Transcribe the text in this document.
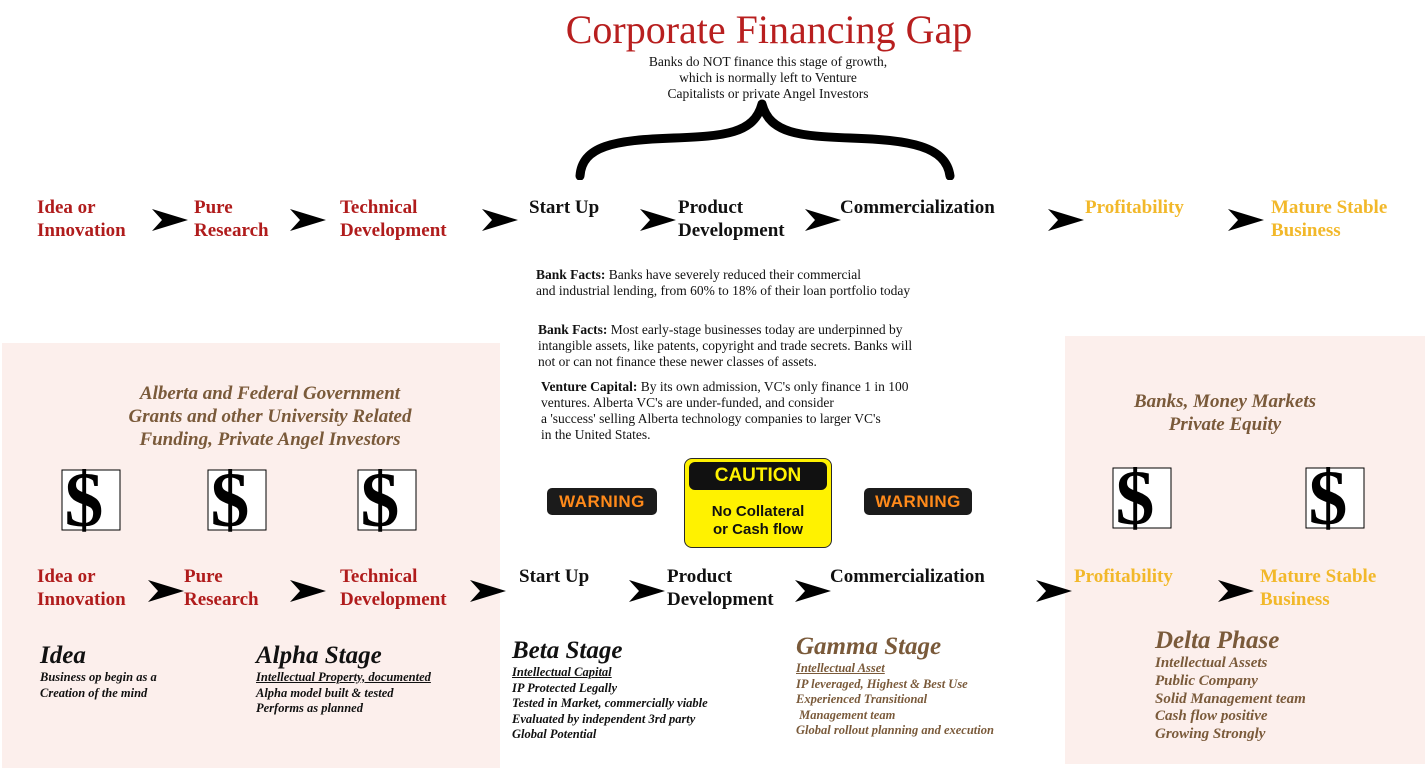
Corporate Financing Gap
Banks do NOT finance this stage of growth,
which is normally left to Venture
Capitalists or private Angel Investors
Idea or
Innovation
Pure
Research
Technical
Development
Start Up	Product
Development
Commercialization	Profitability	Mature Stable
Business
Bank Facts: Banks have severely reduced their commercial
and industrial lending, from 60% to 18% of their loan portfolio today
Bank Facts: Most early-stage businesses today are underpinned by
intangible assets, like patents, copyright and trade secrets. Banks will
not or can not finance these newer classes of assets.
Venture Capital: By its own admission, VC's only finance 1 in 100
ventures. Alberta VC's are under-funded, and consider
a 'success' selling Alberta technology companies to larger VC's
in the United States.
Alberta and Federal Government
Grants and other University Related
Funding, Private Angel Investors
Banks, Money Markets
Private Equity
$ $ $	$ $
WARNING	WARNING
CAUTION
No Collateral
or Cash flow
Idea or
Innovation
Pure
Research
Technical
Development
Start Up	Product
Development
Commercialization	Profitability	Mature Stable
Business
Idea
Business op begin as a
Creation of the mind
Alpha Stage
Intellectual Property, documented
Alpha model built & tested
Performs as planned
Beta Stage
Intellectual Capital
IP Protected Legally
Tested in Market, commercially viable
Evaluated by independent 3rd party
Global Potential
Gamma Stage
Intellectual Asset
IP leveraged, Highest & Best Use
Experienced Transitional
Management team
Global rollout planning and execution
Delta Phase
Intellectual Assets
Public Company
Solid Management team
Cash flow positive
Growing Strongly
